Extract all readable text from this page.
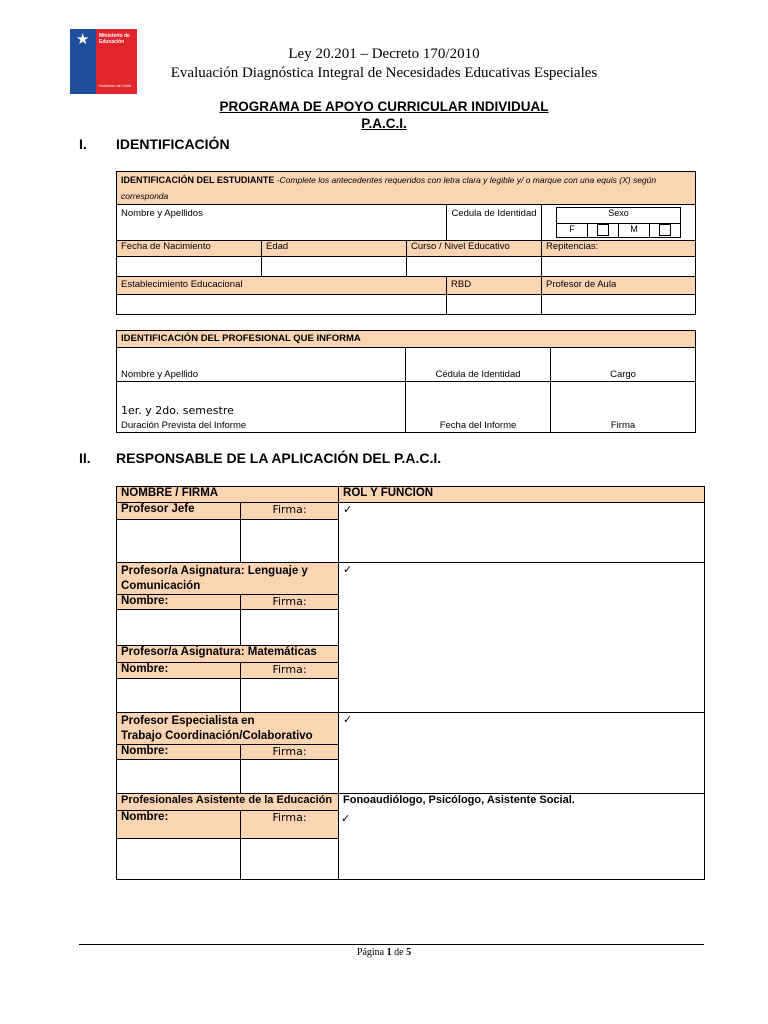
★ Ministerio de
Educación
Gobierno de Chile
Ley 20.201 – Decreto 170/2010
Evaluación Diagnóstica Integral de Necesidades Educativas Especiales
PROGRAMA DE APOYO CURRICULAR INDIVIDUAL
P.A.C.I.
I. IDENTIFICACIÓN
IDENTIFICACIÓN DEL ESTUDIANTE -Complete los antecedentes requeridos con letra clara y legible y/ o marque con una equis (X) según
corresponda
Nombre y Apellidos	Cedula de Identidad		Sexo
F		M	

Fecha de Nacimiento	Edad	Curso / Nivel Educativo	Repitencias:

Establecimiento Educacional	RBD	Profesor de Aula

IDENTIFICACIÓN DEL PROFESIONAL QUE INFORMA		
Nombre y Apellido	Cédula de Identidad	Cargo

1er. y 2do. semestre
Duración Prevista del Informe	Fecha del Informe	Firma
II. RESPONSABLE DE LA APLICACIÓN DEL P.A.C.I.
NOMBRE / FIRMA		ROL Y FUNCIÓN
Profesor Jefe	Firma:	✓

Profesor/a Asignatura: Lenguaje y
Comunicación		✓
Nombre:	Firma:	

Profesor/a Asignatura: Matemáticas		
Nombre:	Firma:	

Profesor Especialista en
Trabajo Coordinación/Colaborativo		✓
Nombre:	Firma:	

Profesionales Asistente de la Educación		Fonoaudiólogo, Psicólogo, Asistente Social.

Nombre:	Firma:	
		✓
Página 1 de 5
